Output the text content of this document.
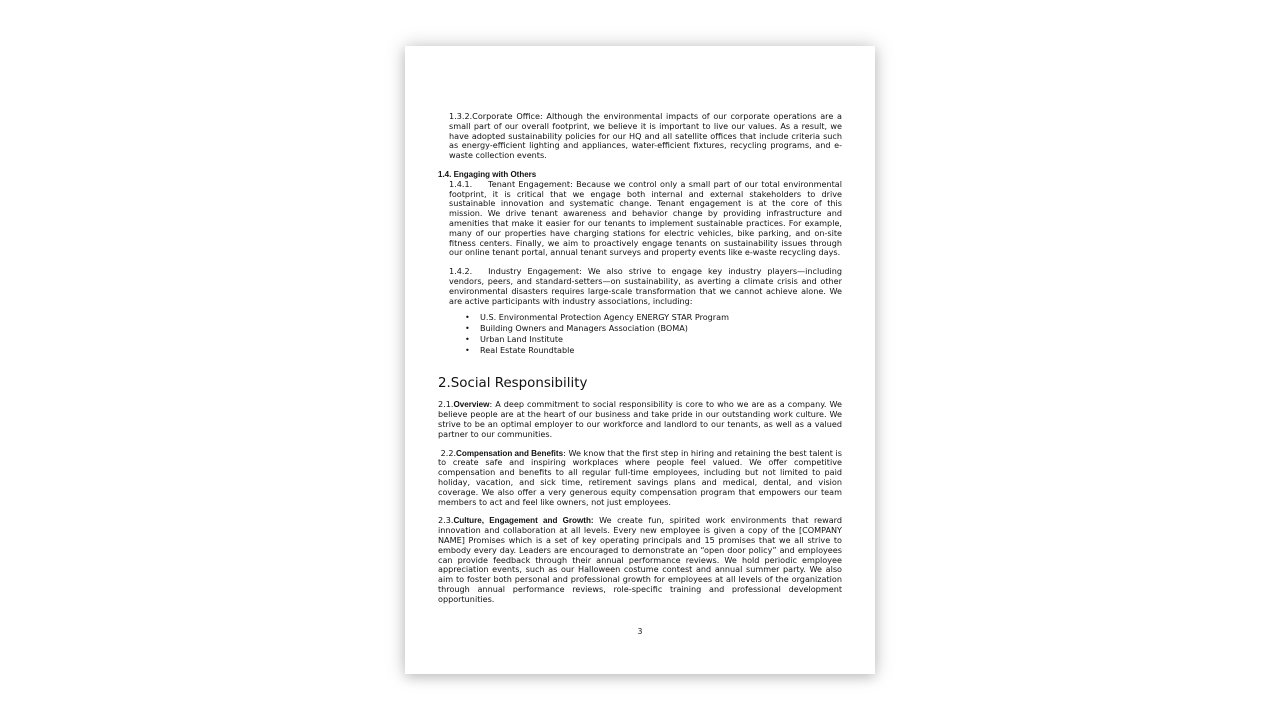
1.3.2.Corporate Office: Although the environmental impacts of our corporate operations are a small part of our overall footprint, we believe it is important to live our values. As a result, we have adopted sustainability policies for our HQ and all satellite offices that include criteria such as energy-efficient lighting and appliances, water-efficient fixtures, recycling programs, and e-waste collection events.

1.4. Engaging with Others

1.4.1. Tenant Engagement: Because we control only a small part of our total environmental footprint, it is critical that we engage both internal and external stakeholders to drive sustainable innovation and systematic change. Tenant engagement is at the core of this mission. We drive tenant awareness and behavior change by providing infrastructure and amenities that make it easier for our tenants to implement sustainable practices. For example, many of our properties have charging stations for electric vehicles, bike parking, and on-site fitness centers. Finally, we aim to proactively engage tenants on sustainability issues through our online tenant portal, annual tenant surveys and property events like e-waste recycling days.

1.4.2. Industry Engagement: We also strive to engage key industry players—including vendors, peers, and standard-setters—on sustainability, as averting a climate crisis and other environmental disasters requires large-scale transformation that we cannot achieve alone. We are active participants with industry associations, including:

• U.S. Environmental Protection Agency ENERGY STAR Program
• Building Owners and Managers Association (BOMA)
• Urban Land Institute
• Real Estate Roundtable

2.Social Responsibility

2.1.Overview: A deep commitment to social responsibility is core to who we are as a company. We believe people are at the heart of our business and take pride in our outstanding work culture. We strive to be an optimal employer to our workforce and landlord to our tenants, as well as a valued partner to our communities.

2.2.Compensation and Benefits: We know that the first step in hiring and retaining the best talent is to create safe and inspiring workplaces where people feel valued. We offer competitive compensation and benefits to all regular full-time employees, including but not limited to paid holiday, vacation, and sick time, retirement savings plans and medical, dental, and vision coverage. We also offer a very generous equity compensation program that empowers our team members to act and feel like owners, not just employees.

2.3.Culture, Engagement and Growth: We create fun, spirited work environments that reward innovation and collaboration at all levels. Every new employee is given a copy of the [COMPANY NAME] Promises which is a set of key operating principals and 15 promises that we all strive to embody every day. Leaders are encouraged to demonstrate an “open door policy” and employees can provide feedback through their annual performance reviews. We hold periodic employee appreciation events, such as our Halloween costume contest and annual summer party. We also aim to foster both personal and professional growth for employees at all levels of the organization through annual performance reviews, role-specific training and professional development opportunities.

3
